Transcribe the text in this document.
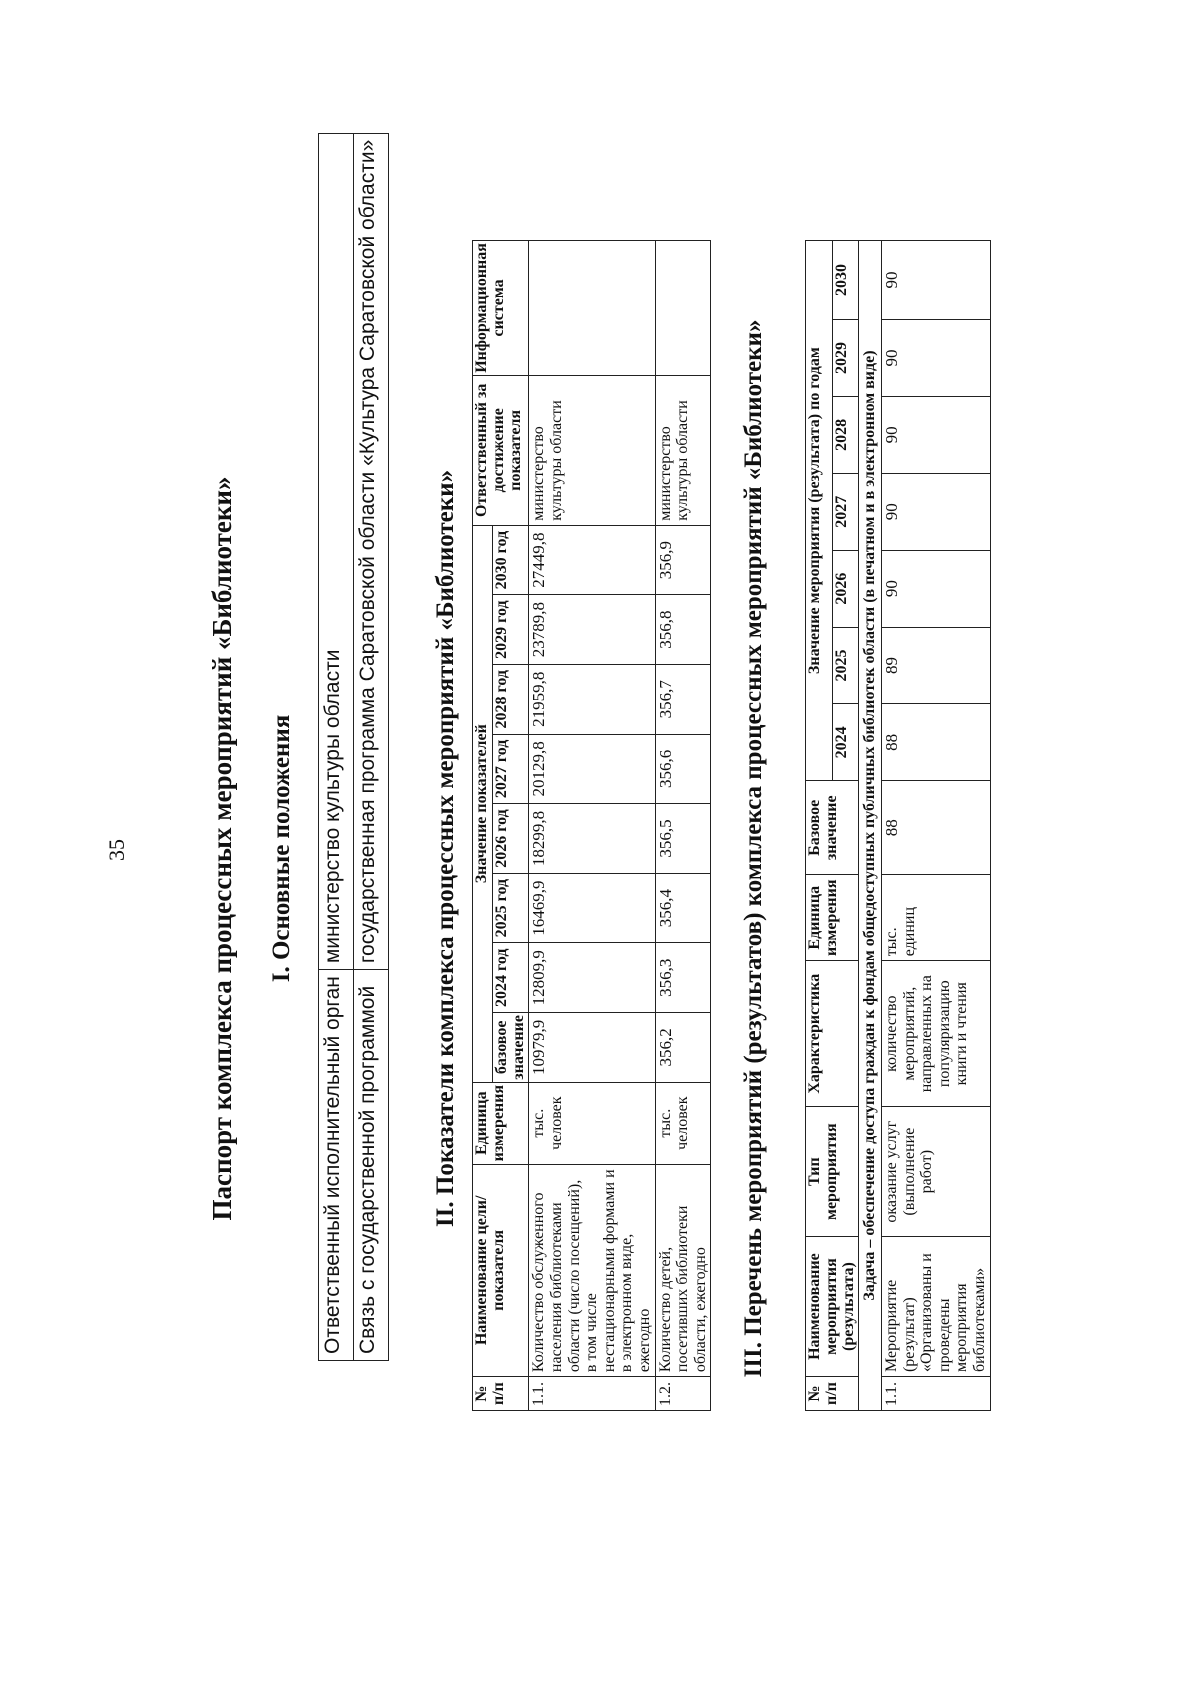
35	Паспорт комплекса процессных мероприятий «Библиотеки» I. Основные положения
Ответственный исполнительный орган	министерство культуры области
Связь с государственной программой	государственная программа Саратовской области «Культура Саратовской области» II. Показатели комплекса процессных мероприятий «Библиотеки»
№ п/п	Наименование цели/показателя	Единица измерения	Значение показателей								Ответственный за достижение показателя	Информационная система
			базовое значение	2024 год	2025 год	2026 год	2027 год	2028 год	2029 год	2030 год		
1.1.	Количество обслуженного населения библиотеками области (число посещений), в том числе нестационарными формами и в электронном виде, ежегодно	тыс. человек	10979,9	12809,9	16469,9	18299,8	20129,8	21959,8	23789,8	27449,8	министерство культуры области	
1.2.	Количество детей, посетивших библиотеки области, ежегодно	тыс. человек	356,2	356,3	356,4	356,5	356,6	356,7	356,8	356,9	министерство культуры области	III. Перечень мероприятий (результатов) комплекса процессных мероприятий «Библиотеки»
№ п/п	Наименование мероприятия (результата)	Тип мероприятия	Характеристика	Единица измерения	Базовое значение	Значение мероприятия (результата) по годам						
						2024	2025	2026	2027	2028	2029	2030
Задача – обеспечение доступа граждан к фондам общедоступных публичных библиотек области (в печатном и в электронном виде)												
1.1.	Мероприятие (результат) «Организованы и проведены мероприятия библиотеками»	оказание услуг (выполнение работ)	количество мероприятий, направленных на популяризацию книги и чтения	тыс. единиц	88	88	89	90	90	90	90	90
